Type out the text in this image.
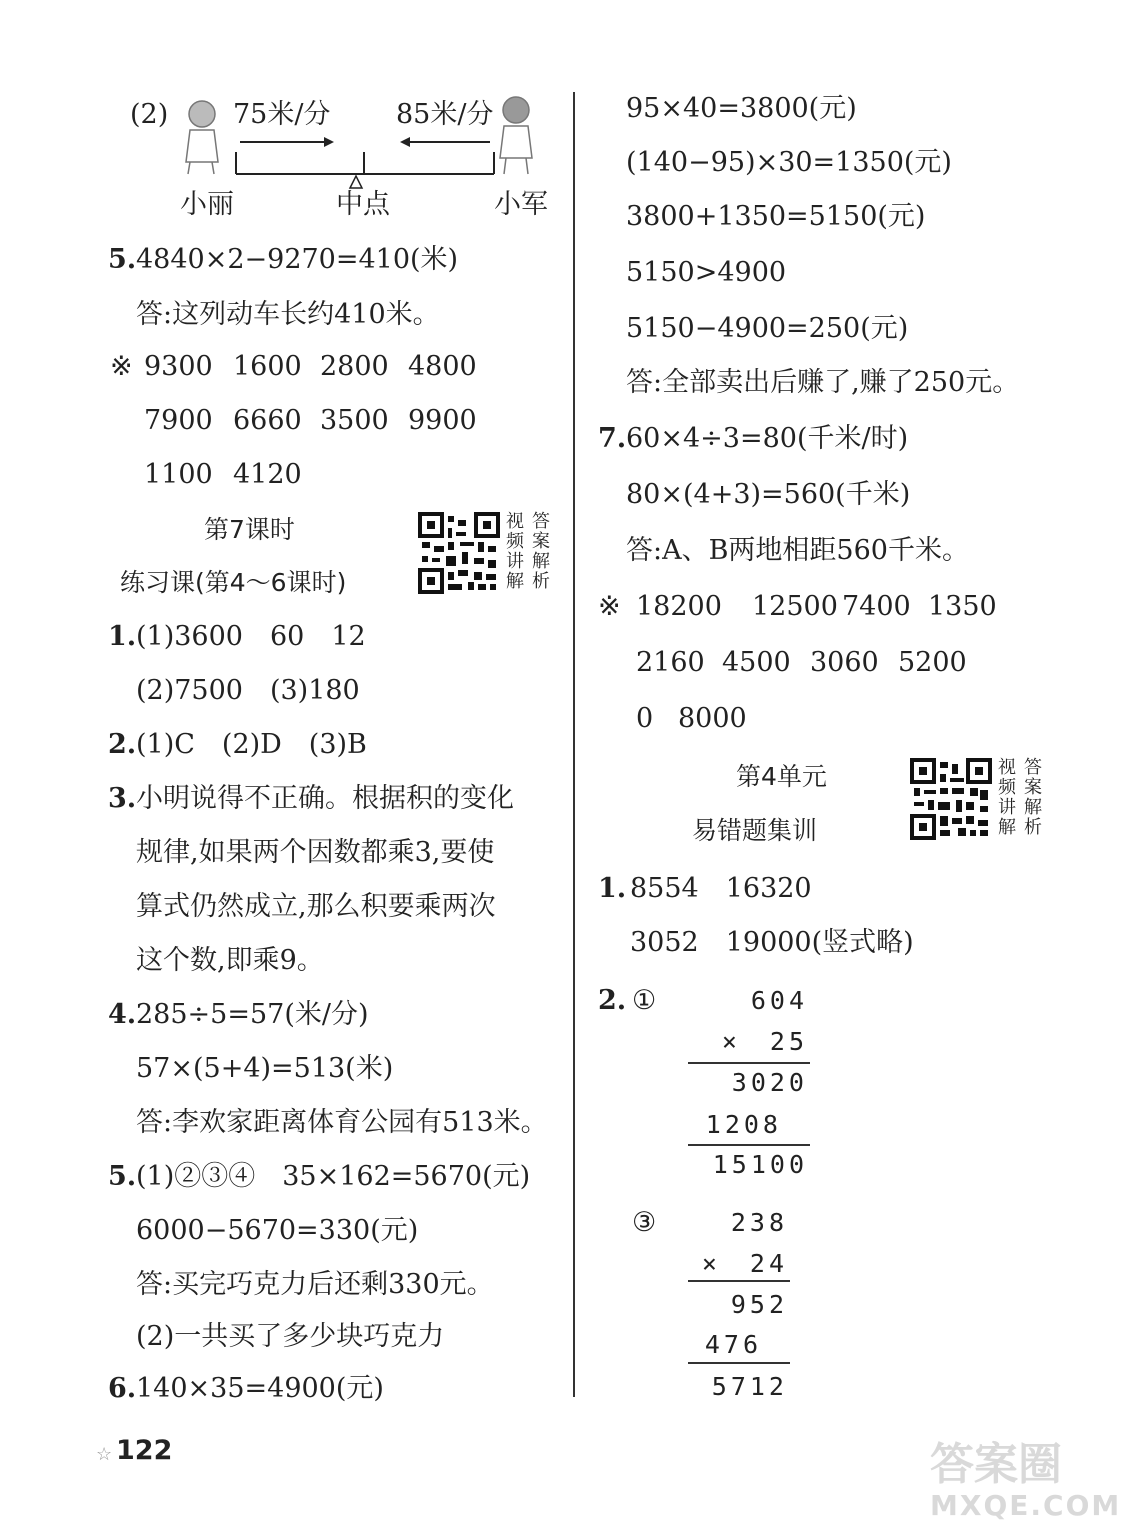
(2) 75米/分 85米/分
小丽	中点	小军
5. 4840×2−9270=410(米)
答:这列动车长约410米。
※ 9300 1600 2800 4800
7900 6660 3500 9900
1100 4120
第7课时
练习课(第4～6课时)
视频讲解
答案解析
1. (1)3600　60　12
(2)7500　(3)180
2. (1)C　(2)D　(3)B
3. 小明说得不正确。根据积的变化
规律,如果两个因数都乘3,要使
算式仍然成立,那么积要乘两次
这个数,即乘9。
4. 285÷5=57(米/分)
57×(5+4)=513(米)
答:李欢家距离体育公园有513米。
5. (1)②③④　35×162=5670(元)
6000−5670=330(元)
答:买完巧克力后还剩330元。
(2)一共买了多少块巧克力
6. 140×35=4900(元)
☆ 122
95×40=3800(元)
(140−95)×30=1350(元)
3800+1350=5150(元)
5150>4900
5150−4900=250(元)
答:全部卖出后赚了,赚了250元。
7. 60×4÷3=80(千米/时)
80×(4+3)=560(千米)
答:A、B两地相距560千米。
※ 18200 12500 7400 1350
2160 4500 3060 5200
0 8000
第4单元
易错题集训
视频讲解
答案解析
1. 8554　16320
3052　19000(竖式略)
2. ①	604
×　25
3020
1208
15100
③	238
×　24
952
476
5712
答案圈
MXQE.COM
